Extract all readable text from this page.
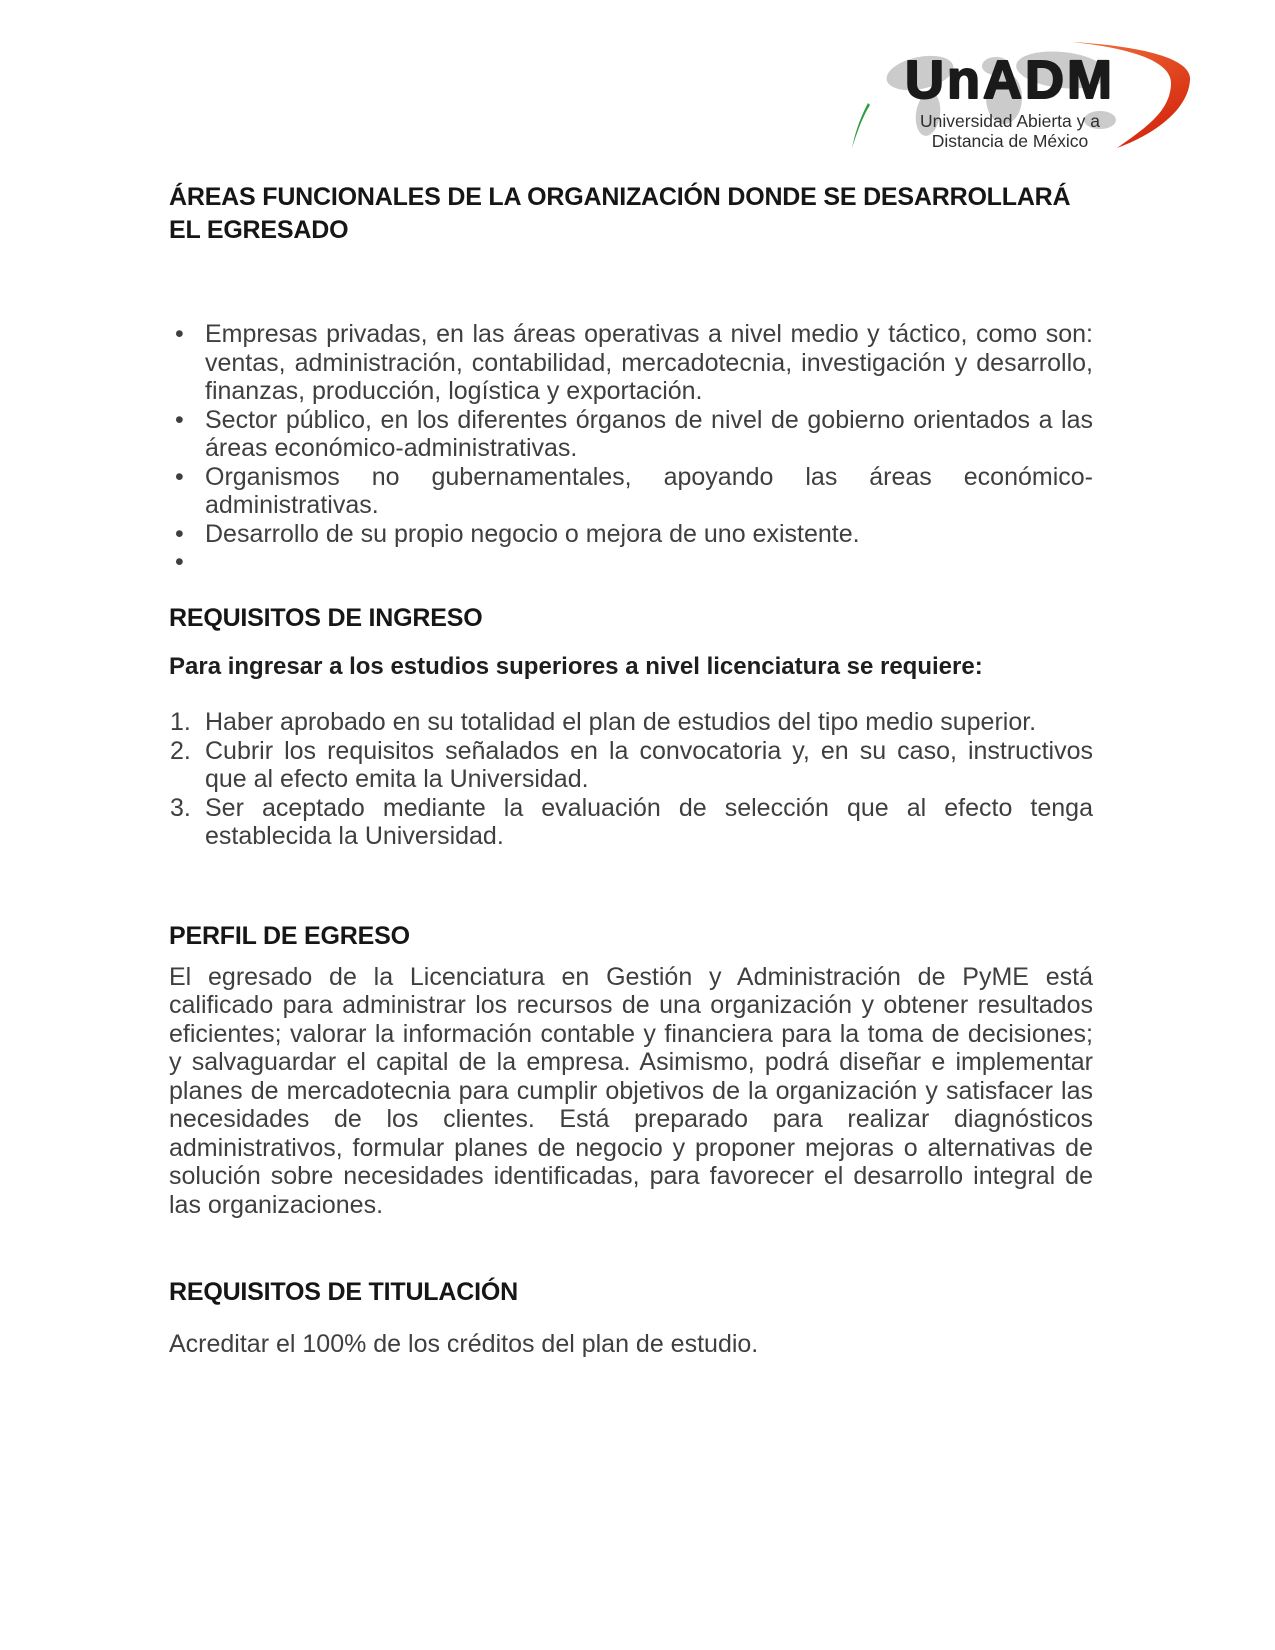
UnADM
Universidad Abierta y a
Distancia de México
ÁREAS FUNCIONALES DE LA ORGANIZACIÓN DONDE SE DESARROLLARÁ EL EGRESADO
• Empresas privadas, en las áreas operativas a nivel medio y táctico, como son: ventas, administración, contabilidad, mercadotecnia, investigación y desarrollo, finanzas, producción, logística y exportación.
• Sector público, en los diferentes órganos de nivel de gobierno orientados a las áreas económico-administrativas.
• Organismos no gubernamentales, apoyando las áreas económico-administrativas.
• Desarrollo de su propio negocio o mejora de uno existente.
•
REQUISITOS DE INGRESO

Para ingresar a los estudios superiores a nivel licenciatura se requiere:

1. Haber aprobado en su totalidad el plan de estudios del tipo medio superior.
2. Cubrir los requisitos señalados en la convocatoria y, en su caso, instructivos que al efecto emita la Universidad.
3. Ser aceptado mediante la evaluación de selección que al efecto tenga establecida la Universidad.
PERFIL DE EGRESO

El egresado de la Licenciatura en Gestión y Administración de PyME está calificado para administrar los recursos de una organización y obtener resultados eficientes; valorar la información contable y financiera para la toma de decisiones; y salvaguardar el capital de la empresa. Asimismo, podrá diseñar e implementar planes de mercadotecnia para cumplir objetivos de la organización y satisfacer las necesidades de los clientes. Está preparado para realizar diagnósticos administrativos, formular planes de negocio y proponer mejoras o alternativas de solución sobre necesidades identificadas, para favorecer el desarrollo integral de las organizaciones.

REQUISITOS DE TITULACIÓN

Acreditar el 100% de los créditos del plan de estudio.
